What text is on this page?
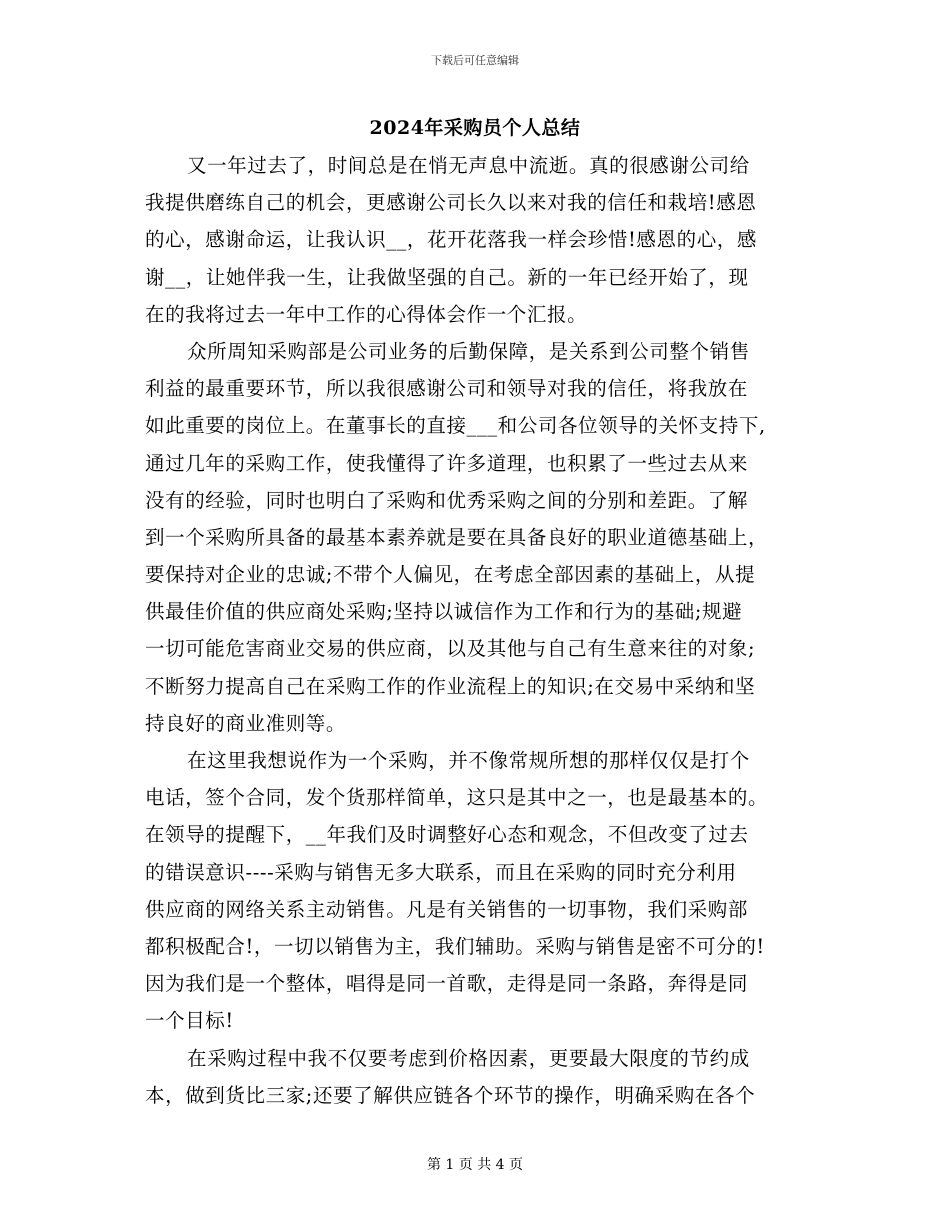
下载后可任意编辑
2024年采购员个人总结
又一年过去了，时间总是在悄无声息中流逝。真的很感谢公司给
我提供磨练自己的机会，更感谢公司长久以来对我的信任和栽培!感恩
的心，感谢命运，让我认识__，花开花落我一样会珍惜!感恩的心，感
谢__，让她伴我一生，让我做坚强的自己。新的一年已经开始了，现
在的我将过去一年中工作的心得体会作一个汇报。
众所周知采购部是公司业务的后勤保障，是关系到公司整个销售
利益的最重要环节，所以我很感谢公司和领导对我的信任，将我放在
如此重要的岗位上。在董事长的直接___和公司各位领导的关怀支持下,
通过几年的采购工作，使我懂得了许多道理，也积累了一些过去从来
没有的经验，同时也明白了采购和优秀采购之间的分别和差距。了解
到一个采购所具备的最基本素养就是要在具备良好的职业道德基础上，
要保持对企业的忠诚;不带个人偏见，在考虑全部因素的基础上，从提
供最佳价值的供应商处采购;坚持以诚信作为工作和行为的基础;规避
一切可能危害商业交易的供应商，以及其他与自己有生意来往的对象;
不断努力提高自己在采购工作的作业流程上的知识;在交易中采纳和坚
持良好的商业准则等。
在这里我想说作为一个采购，并不像常规所想的那样仅仅是打个
电话，签个合同，发个货那样简单，这只是其中之一，也是最基本的。
在领导的提醒下，__年我们及时调整好心态和观念，不但改变了过去
的错误意识----采购与销售无多大联系，而且在采购的同时充分利用
供应商的网络关系主动销售。凡是有关销售的一切事物，我们采购部
都积极配合!，一切以销售为主，我们辅助。采购与销售是密不可分的!
因为我们是一个整体，唱得是同一首歌，走得是同一条路，奔得是同
一个目标!
在采购过程中我不仅要考虑到价格因素，更要最大限度的节约成
本，做到货比三家;还要了解供应链各个环节的操作，明确采购在各个
第 1 页 共 4 页
